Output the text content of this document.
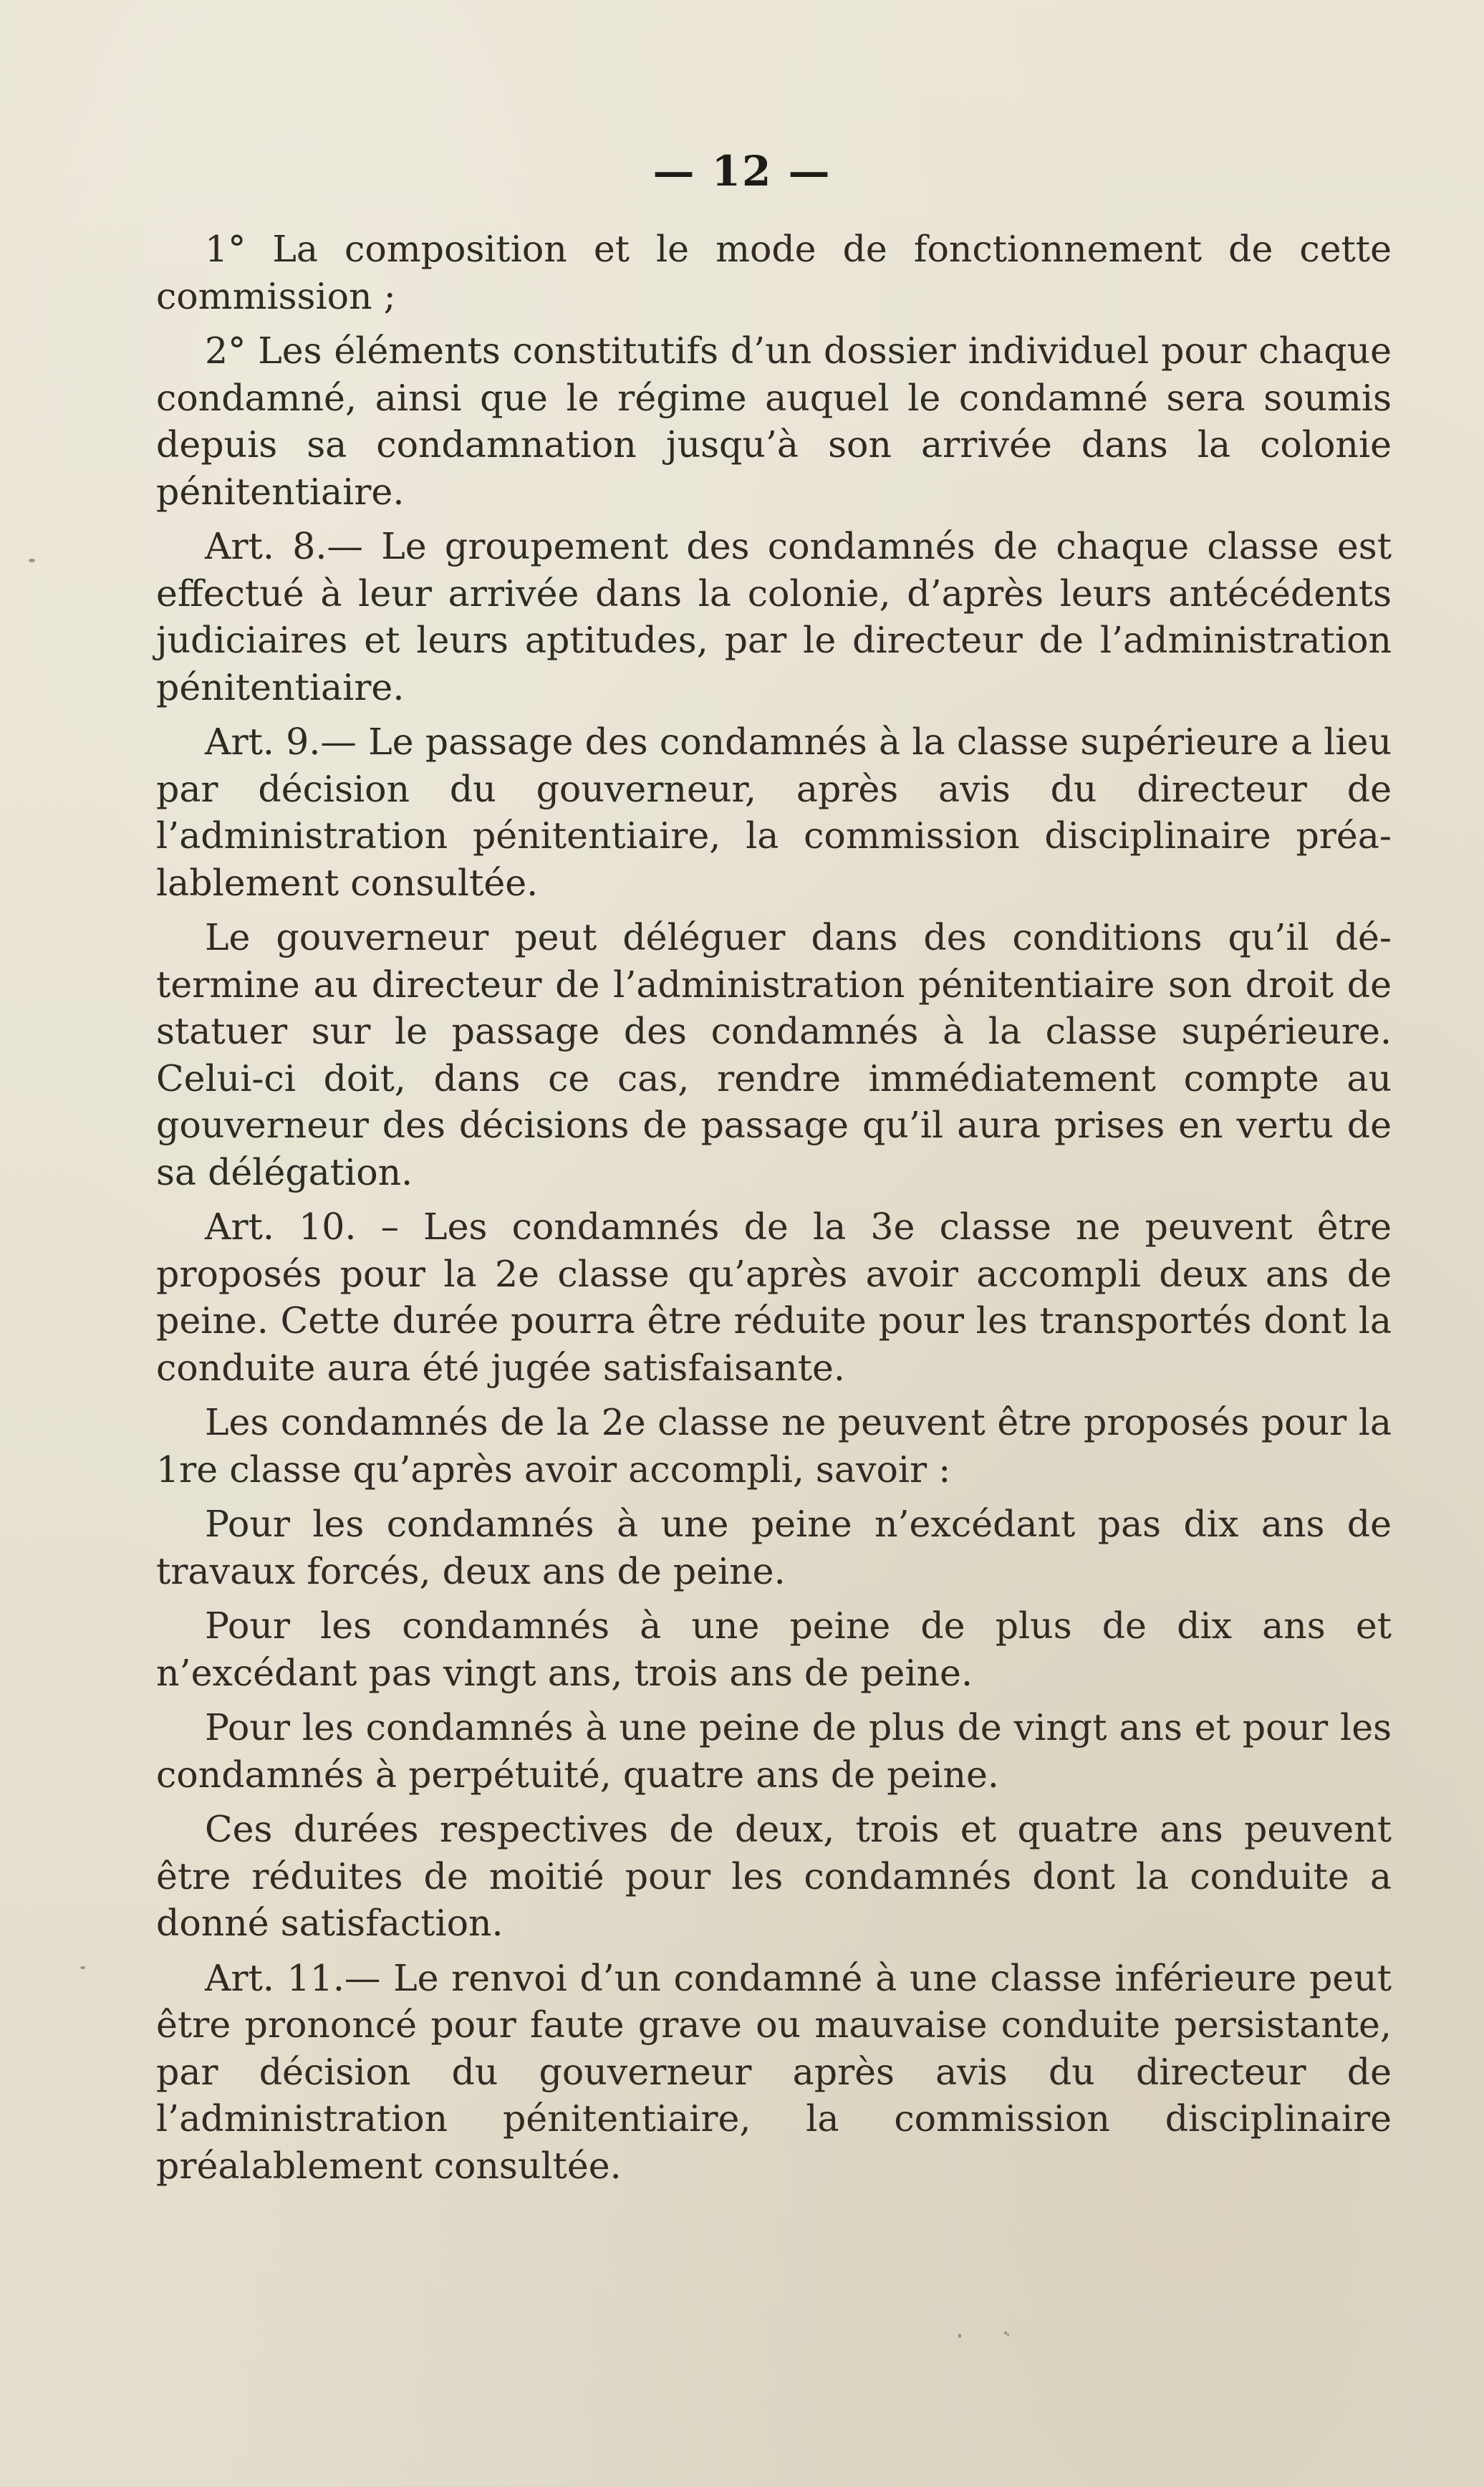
— 12 —

1° La composition et le mode de fonctionnement de cette commission ;

2° Les éléments constitutifs d’un dossier individuel pour chaque condamné, ainsi que le régime auquel le condamné sera soumis depuis sa condamnation jusqu’à son arrivée dans la colonie pénitentiaire.

Art. 8.— Le groupement des condamnés de chaque classe est effectué à leur arrivée dans la colonie, d’après leurs antécédents judiciaires et leurs aptitudes, par le directeur de l’administration pénitentiaire.

Art. 9.— Le passage des condamnés à la classe supérieure a lieu par décision du gouverneur, après avis du directeur de l’administration pénitentiaire, la commission disciplinaire préalablement consultée.

Le gouverneur peut déléguer dans des conditions qu’il détermine au directeur de l’administration pénitentiaire son droit de statuer sur le passage des condamnés à la classe supérieure. Celui-ci doit, dans ce cas, rendre immédiatement compte au gouverneur des décisions de passage qu’il aura prises en vertu de sa délégation.

Art. 10. – Les condamnés de la 3e classe ne peuvent être proposés pour la 2e classe qu’après avoir accompli deux ans de peine. Cette durée pourra être réduite pour les transportés dont la conduite aura été jugée satisfaisante.

Les condamnés de la 2e classe ne peuvent être proposés pour la 1re classe qu’après avoir accompli, savoir :

Pour les condamnés à une peine n’excédant pas dix ans de travaux forcés, deux ans de peine.

Pour les condamnés à une peine de plus de dix ans et n’excédant pas vingt ans, trois ans de peine.

Pour les condamnés à une peine de plus de vingt ans et pour les condamnés à perpétuité, quatre ans de peine.

Ces durées respectives de deux, trois et quatre ans peuvent être réduites de moitié pour les condamnés dont la conduite a donné satisfaction.

Art. 11.— Le renvoi d’un condamné à une classe inférieure peut être prononcé pour faute grave ou mauvaise conduite persistante, par décision du gouverneur après avis du directeur de l’administration pénitentiaire, la commission disciplinaire préalablement consultée.
